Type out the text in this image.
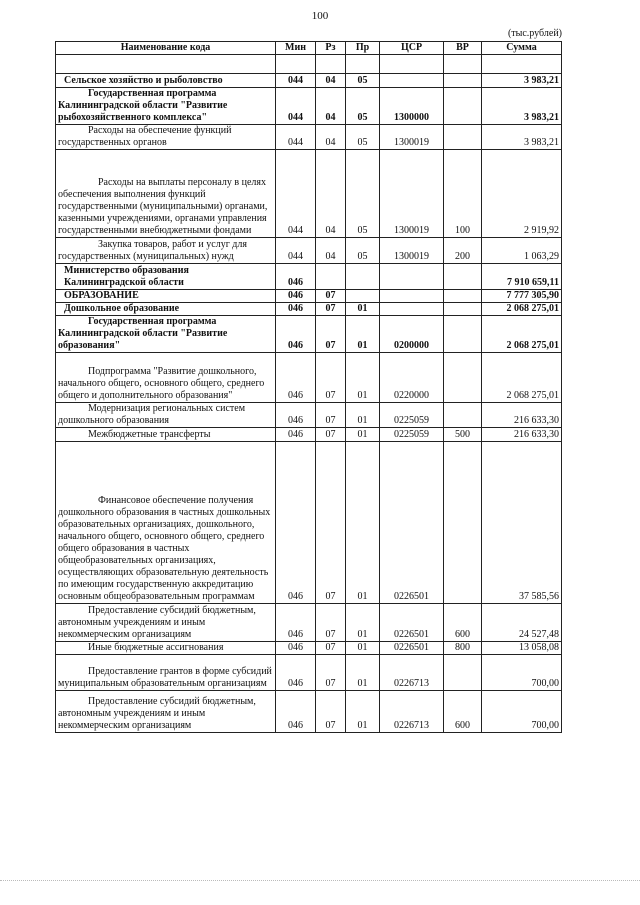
100
(тыс.рублей)
Наименование кода	Мин	Рз	Пр	ЦСР	ВР	Сумма

Сельское хозяйство и рыболовство	044	04	05			3 983,21
Государственная программа Калининградской области "Развитие рыбохозяйственного комплекса"	044	04	05	1300000		3 983,21
Расходы на обеспечение функций государственных органов	044	04	05	1300019		3 983,21
Расходы на выплаты персоналу в целях обеспечения выполнения функций государственными (муниципальными) органами, казенными учреждениями, органами управления государственными внебюджетными фондами	044	04	05	1300019	100	2 919,92
Закупка товаров, работ и услуг для государственных (муниципальных) нужд	044	04	05	1300019	200	1 063,29
Министерство образования Калининградской области	046					7 910 659,11
ОБРАЗОВАНИЕ	046	07				7 777 305,90
Дошкольное образование	046	07	01			2 068 275,01
Государственная программа Калининградской области "Развитие образования"	046	07	01	0200000		2 068 275,01
Подпрограмма "Развитие дошкольного, начального общего, основного общего, среднего общего и дополнительного образования"	046	07	01	0220000		2 068 275,01
Модернизация региональных систем дошкольного образования	046	07	01	0225059		216 633,30
Межбюджетные трансферты	046	07	01	0225059	500	216 633,30
Финансовое обеспечение получения дошкольного образования в частных дошкольных образовательных организациях, дошкольного, начального общего, основного общего, среднего общего образования в частных общеобразовательных организациях, осуществляющих образовательную деятельность по имеющим государственную аккредитацию основным общеобразовательным программам	046	07	01	0226501		37 585,56
Предоставление субсидий бюджетным, автономным учреждениям и иным некоммерческим организациям	046	07	01	0226501	600	24 527,48
Иные бюджетные ассигнования	046	07	01	0226501	800	13 058,08
Предоставление грантов в форме субсидий муниципальным образовательным организациям	046	07	01	0226713		700,00
Предоставление субсидий бюджетным, автономным учреждениям и иным некоммерческим организациям	046	07	01	0226713	600	700,00
